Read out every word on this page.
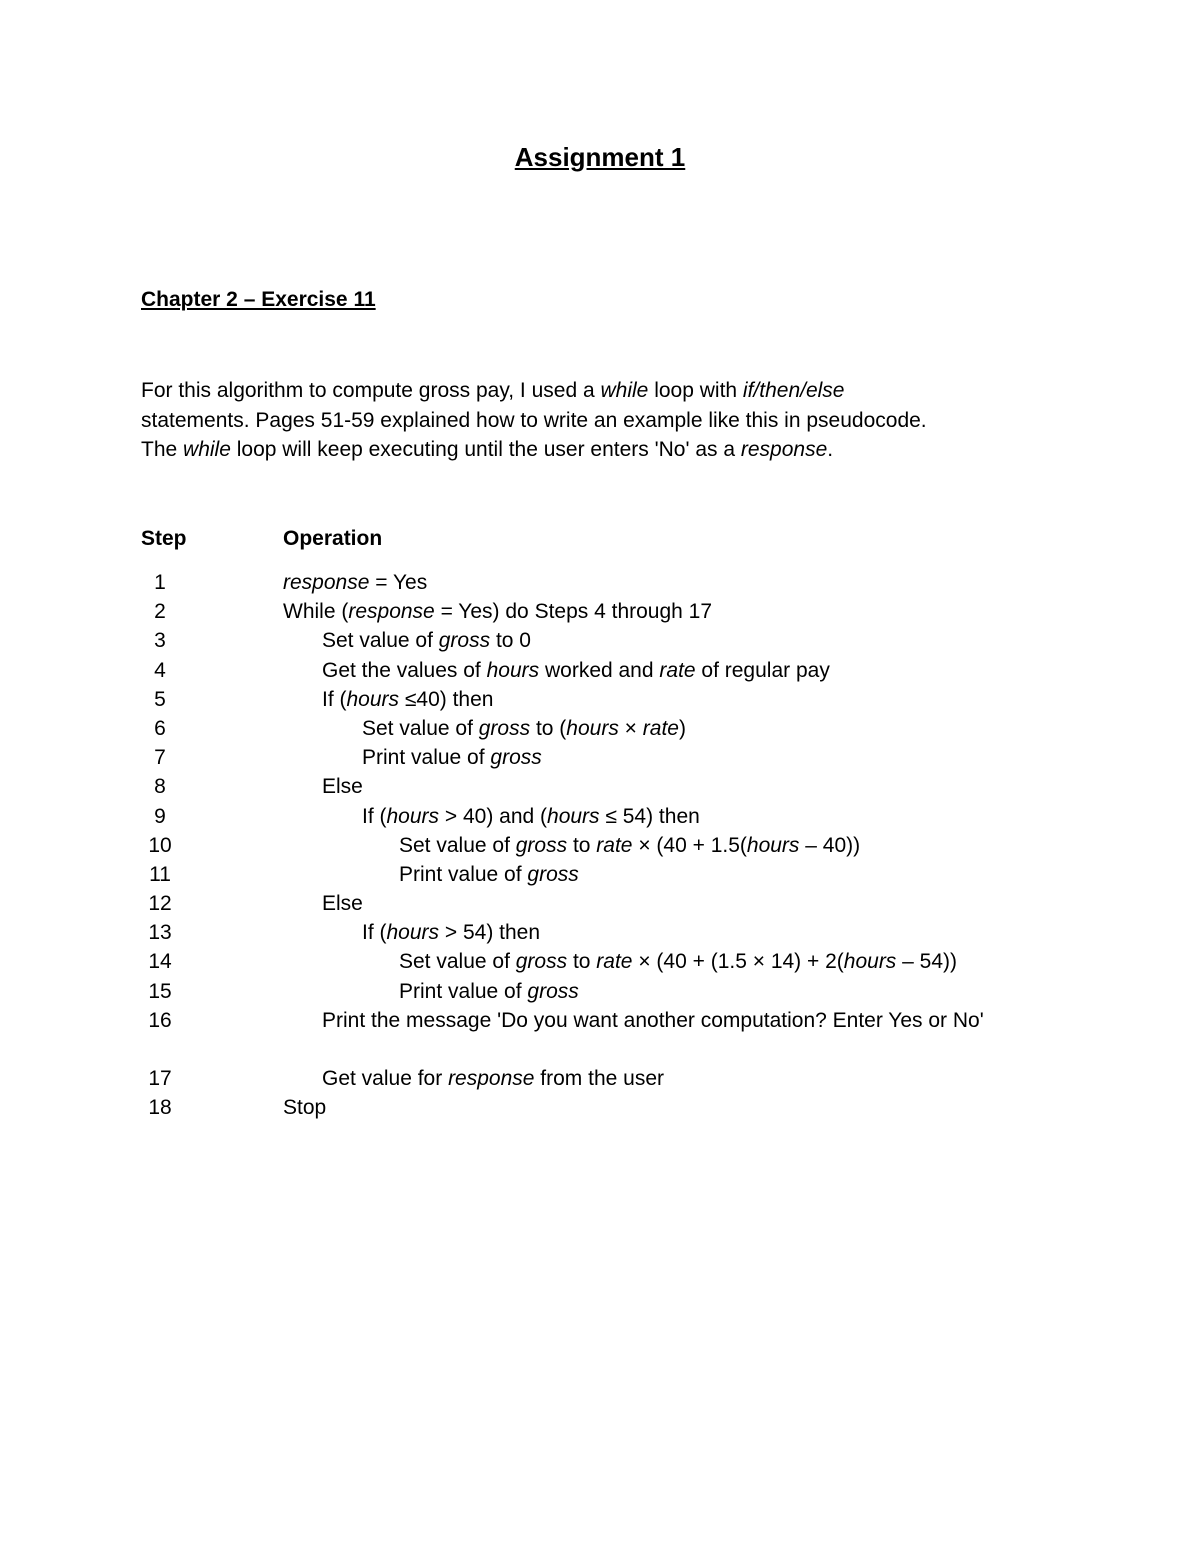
Assignment 1
Chapter 2 – Exercise 11

For this algorithm to compute gross pay, I used a while loop with if/then/else

statements. Pages 51-59 explained how to write an example like this in pseudocode.

The while loop will keep executing until the user enters 'No' as a response.

Step	Operation
1	response = Yes
2	While (response = Yes) do Steps 4 through 17
3	Set value of gross to 0
4	Get the values of hours worked and rate of regular pay
5	If (hours ≤40) then
6	Set value of gross to (hours × rate)
7	Print value of gross
8	Else
9	If (hours > 40) and (hours ≤ 54) then
10	Set value of gross to rate × (40 + 1.5(hours – 40))
11	Print value of gross
12	Else
13	If (hours > 54) then
14	Set value of gross to rate × (40 + (1.5 × 14) + 2(hours – 54))
15	Print value of gross
16	Print the message 'Do you want another computation? Enter Yes or No'
17	Get value for response from the user
18	Stop
